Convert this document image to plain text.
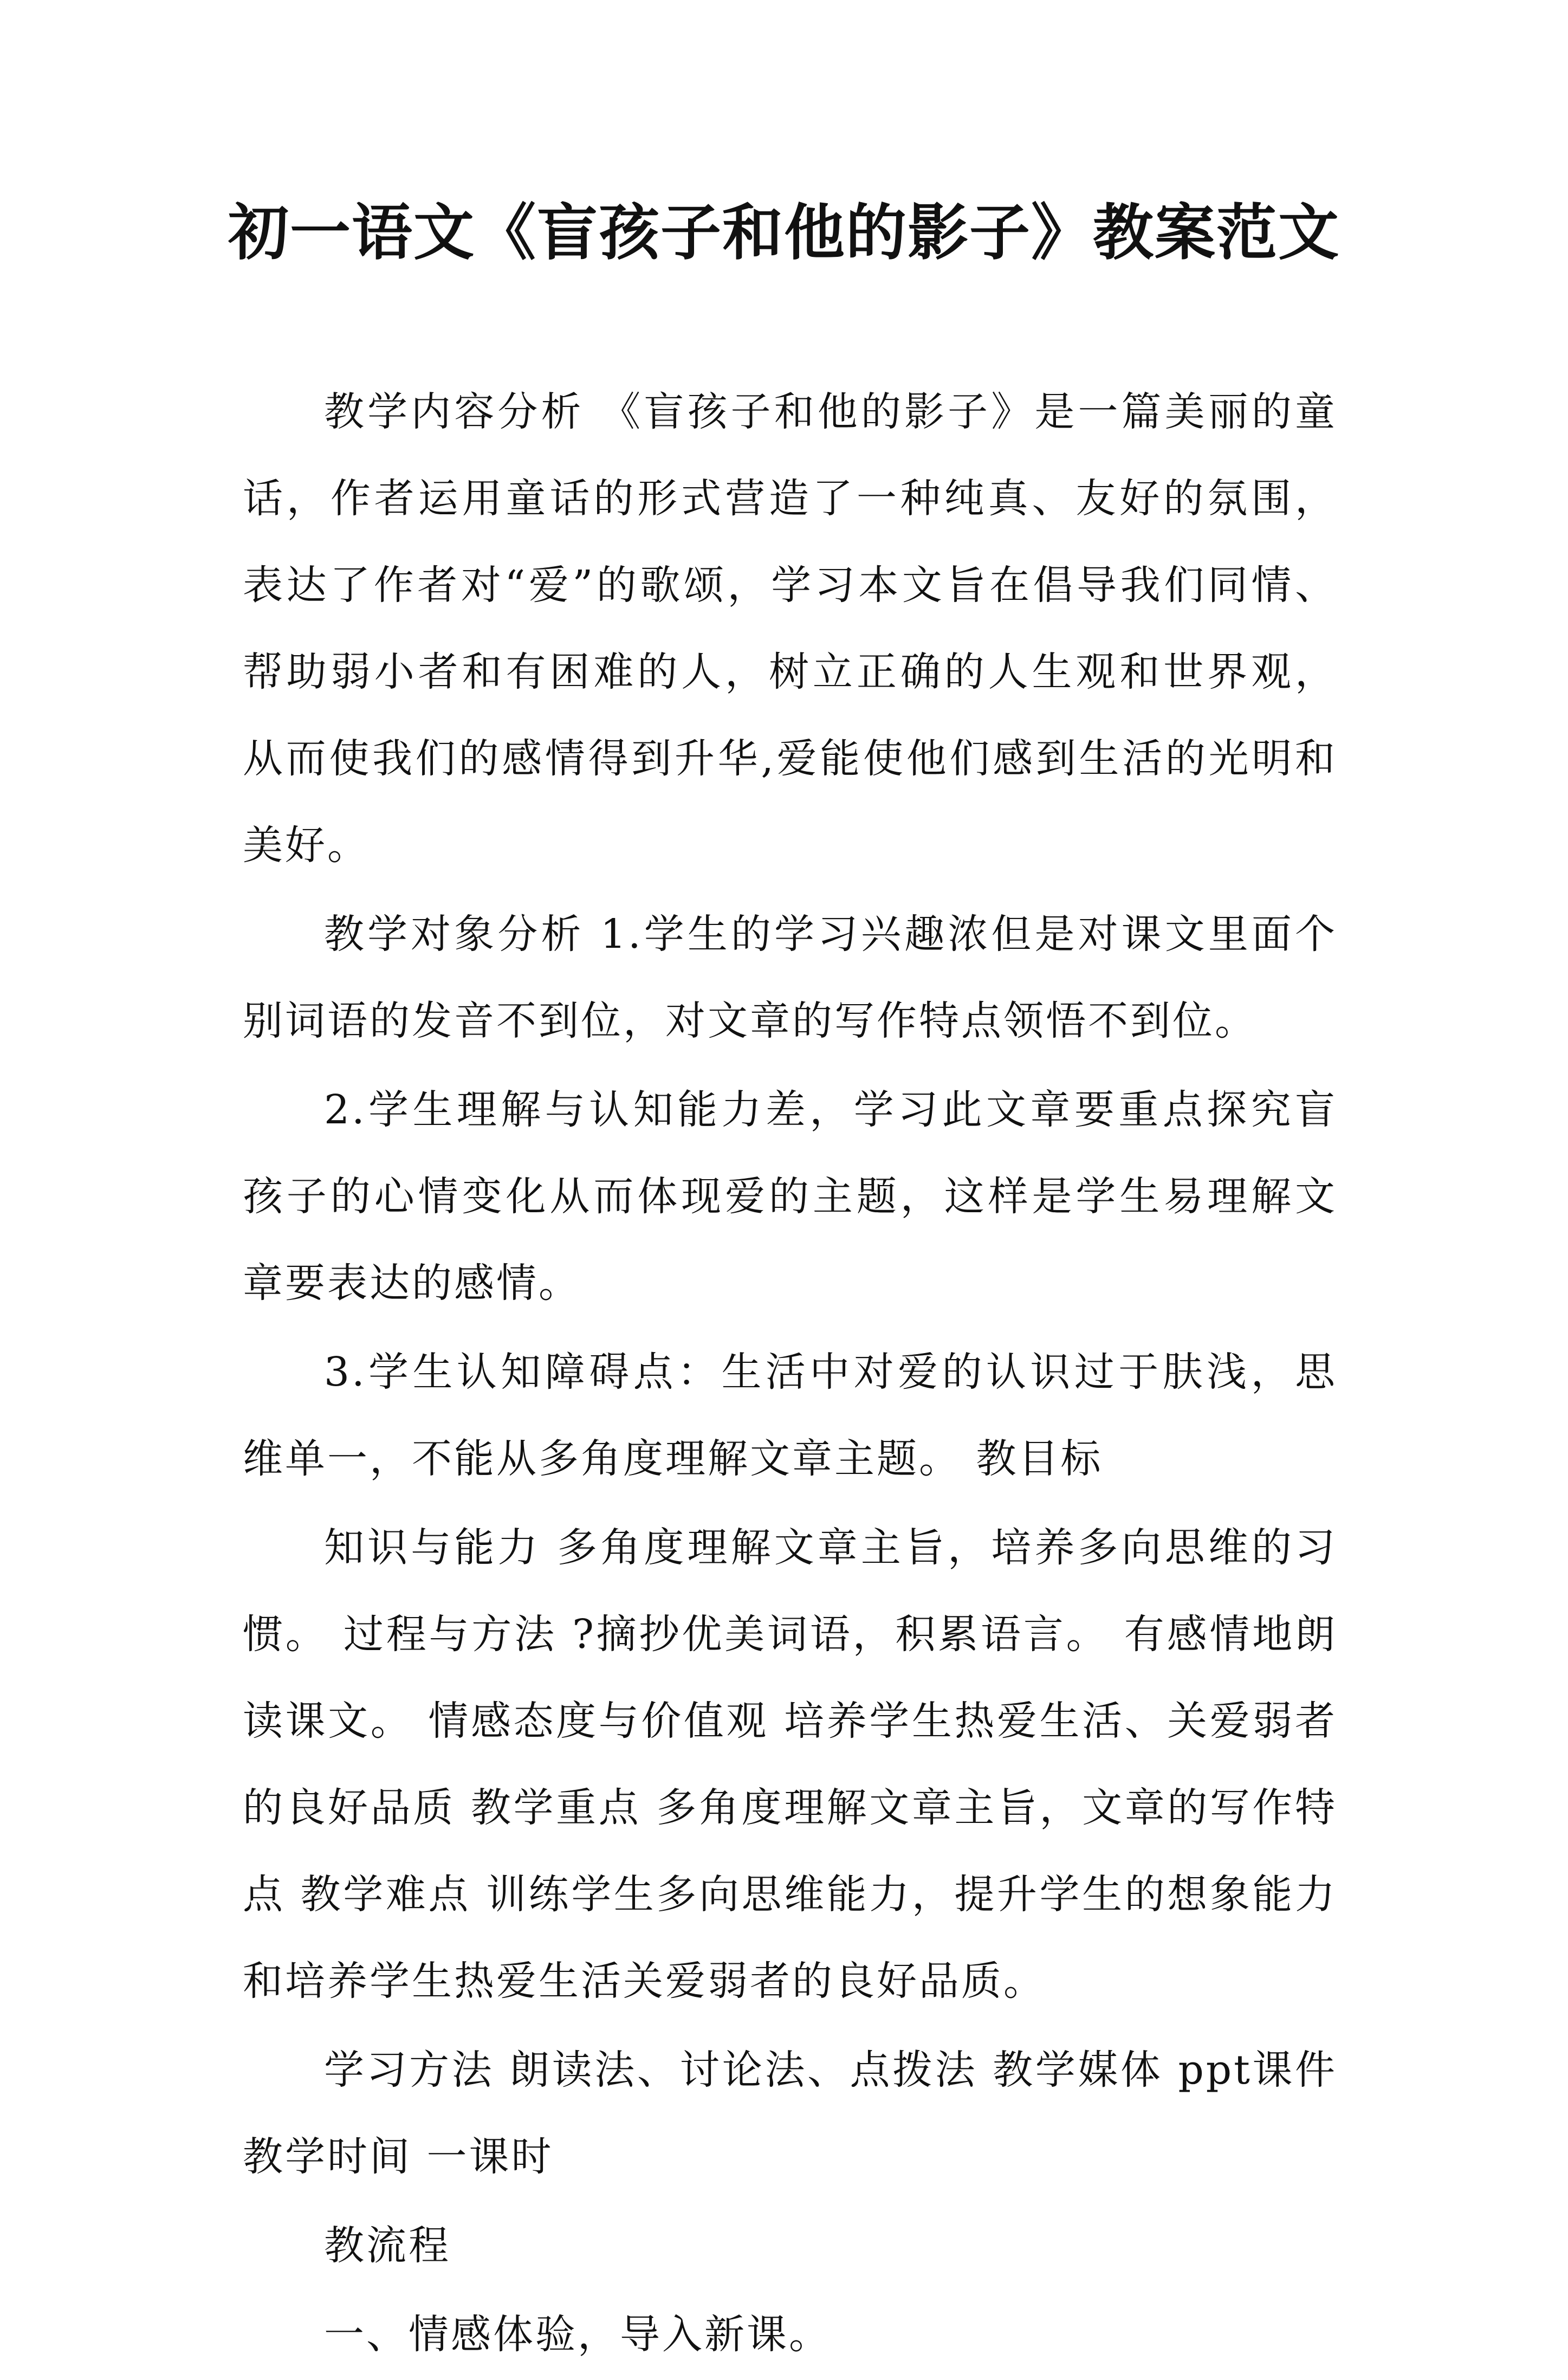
初一语文《盲孩子和他的影子》教案范文

教学内容分析 《盲孩子和他的影子》是一篇美丽的童话，作者运用童话的形式营造了一种纯真、友好的氛围，表达了作者对“爱”的歌颂，学习本文旨在倡导我们同情、帮助弱小者和有困难的人，树立正确的人生观和世界观，从而使我们的感情得到升华,爱能使他们感到生活的光明和美好。

教学对象分析 1.学生的学习兴趣浓但是对课文里面个别词语的发音不到位，对文章的写作特点领悟不到位。

2.学生理解与认知能力差，学习此文章要重点探究盲孩子的心情变化从而体现爱的主题，这样是学生易理解文章要表达的感情。

3.学生认知障碍点：生活中对爱的认识过于肤浅，思维单一，不能从多角度理解文章主题。 教目标

知识与能力 多角度理解文章主旨，培养多向思维的习惯。 过程与方法 ?摘抄优美词语，积累语言。 有感情地朗读课文。 情感态度与价值观 培养学生热爱生活、关爱弱者的良好品质 教学重点 多角度理解文章主旨，文章的写作特点 教学难点 训练学生多向思维能力，提升学生的想象能力和培养学生热爱生活关爱弱者的良好品质。

学习方法 朗读法、讨论法、点拨法 教学媒体 ppt课件 教学时间 一课时

教流程

一、情感体验，导入新课。
